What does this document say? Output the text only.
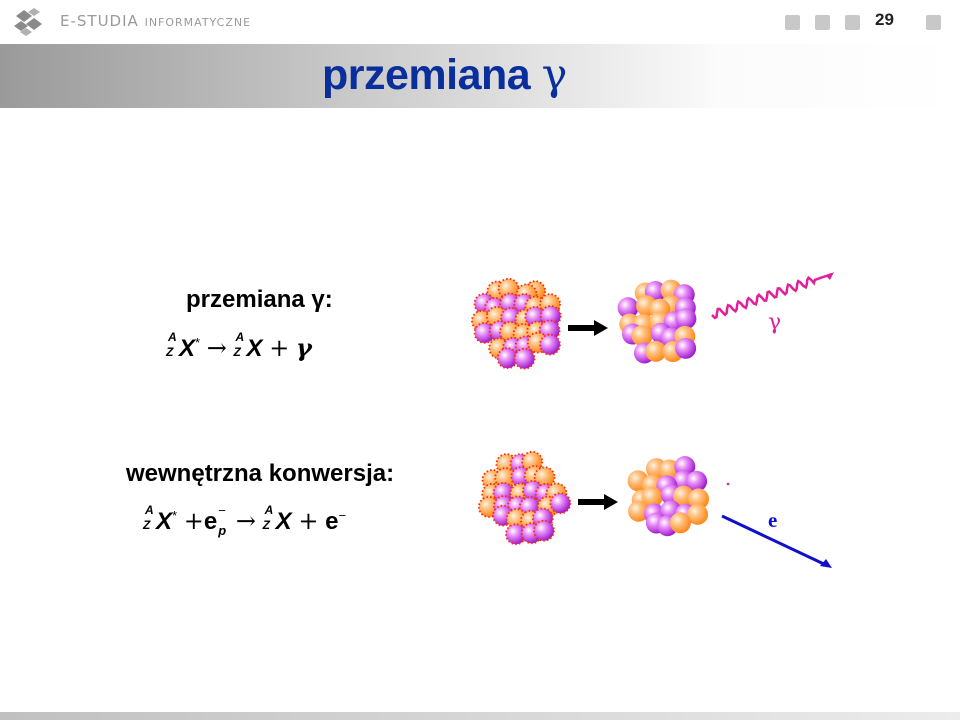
E-STUDIA INFORMATYCZNE	29
przemiana γ
przemiana γ:
A
Z X* → A
Z X + γ
wewnętrzna konwersja:
A
Z X* +e −
p → A
Z X + e−
γ
e
